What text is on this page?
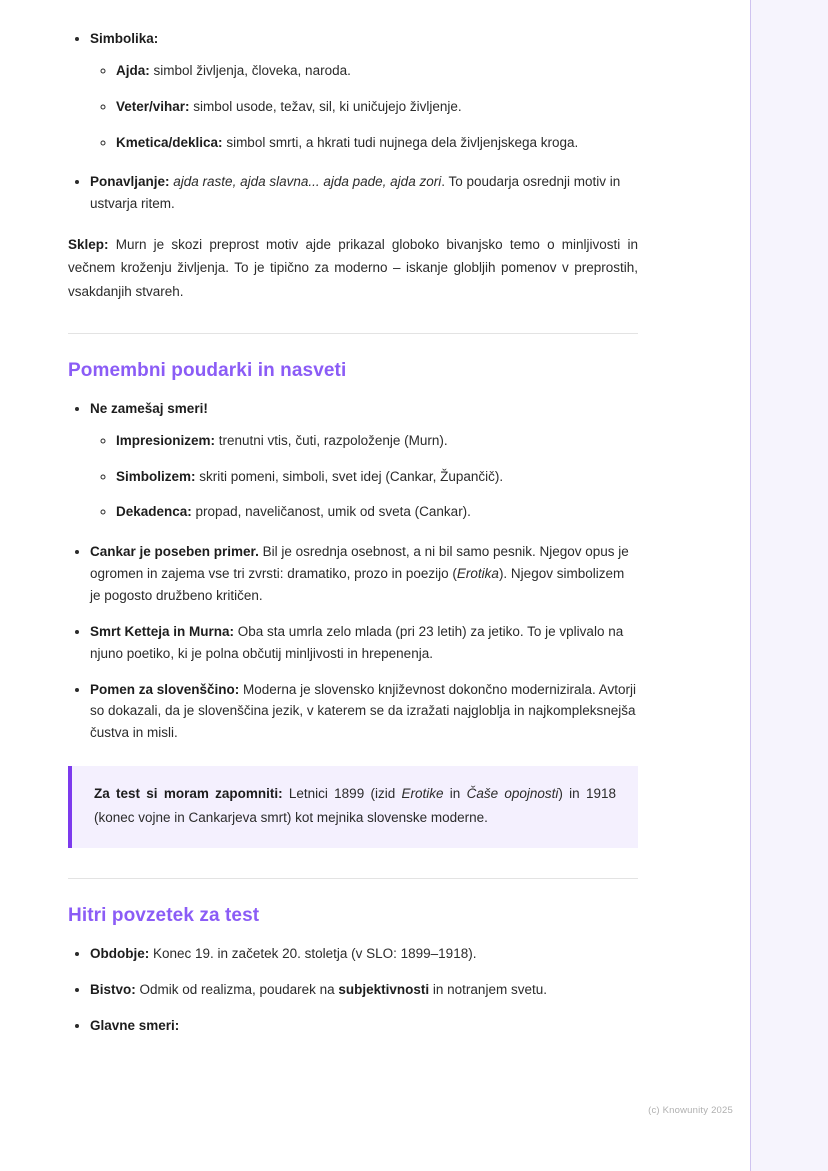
• Simbolika:
◦ Ajda: simbol življenja, človeka, naroda.
◦ Veter/vihar: simbol usode, težav, sil, ki uničujejo življenje.
◦ Kmetica/deklica: simbol smrti, a hkrati tudi nujnega dela življenjskega kroga.
• Ponavljanje: ajda raste, ajda slavna... ajda pade, ajda zori. To poudarja osrednji motiv in ustvarja ritem.

Sklep: Murn je skozi preprost motiv ajde prikazal globoko bivanjsko temo o minljivosti in večnem kroženju življenja. To je tipično za moderno – iskanje globljih pomenov v preprostih, vsakdanjih stvareh.

Pomembni poudarki in nasveti
• Ne zamešaj smeri!
◦ Impresionizem: trenutni vtis, čuti, razpoloženje (Murn).
◦ Simbolizem: skriti pomeni, simboli, svet idej (Cankar, Župančič).
◦ Dekadenca: propad, naveličanost, umik od sveta (Cankar).
• Cankar je poseben primer. Bil je osrednja osebnost, a ni bil samo pesnik. Njegov opus je ogromen in zajema vse tri zvrsti: dramatiko, prozo in poezijo (Erotika). Njegov simbolizem je pogosto družbeno kritičen.
• Smrt Ketteja in Murna: Oba sta umrla zelo mlada (pri 23 letih) za jetiko. To je vplivalo na njuno poetiko, ki je polna občutij minljivosti in hrepenenja.
• Pomen za slovenščino: Moderna je slovensko književnost dokončno modernizirala. Avtorji so dokazali, da je slovenščina jezik, v katerem se da izražati najgloblja in najkompleksnejša čustva in misli.
Za test si moram zapomniti: Letnici 1899 (izid Erotike in Čaše opojnosti) in 1918 (konec vojne in Cankarjeva smrt) kot mejnika slovenske moderne.
Hitri povzetek za test
• Obdobje: Konec 19. in začetek 20. stoletja (v SLO: 1899–1918).
• Bistvo: Odmik od realizma, poudarek na subjektivnosti in notranjem svetu.
• Glavne smeri:
(c) Knowunity 2025
